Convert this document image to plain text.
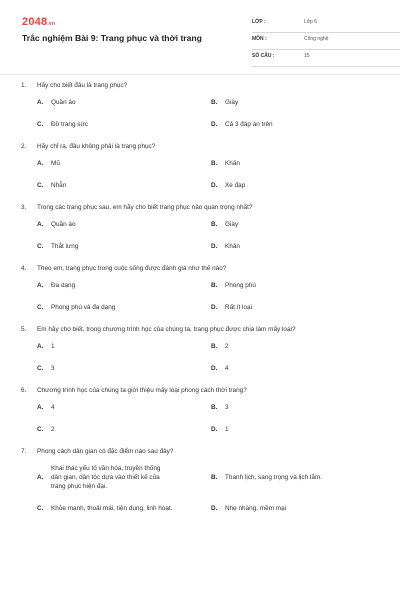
2048.vn
Trắc nghiệm Bài 9: Trang phục và thời trang
LỚP :	Lớp 6
MÔN :	Công nghệ
SỐ CÂU :	15
1. Hãy cho biết đâu là trang phục?
A. Quần áo	B. Giày
C. Đồ trang sức	D. Cả 3 đáp án trên
2. Hãy chỉ ra, đâu không phải là trang phục?
A. Mũ	B. Khăn
C. Nhẫn	D. Xe đạp
3. Trong các trang phục sau, em hãy cho biết trang phục nào quan trọng nhất?
A. Quần áo	B. Giày
C. Thắt lưng	D. Khăn
4. Theo em, trang phục trong cuộc sống được đánh giá như thế nào?
A. Đa dạng	B. Phong phú
C. Phong phú và đa dạng	D. Rất ít loại
5. Em hãy cho biết, trong chương trình học của chúng ta, trang phục được chia làm mấy loại?
A. 1	B. 2
C. 3	D. 4
6. Chương trình học của chúng ta giới thiệu mấy loại phong cách thời trang?
A. 4	B. 3
C. 2	D. 1
7. Phong cách dân gian có đặc điểm nào sau đây?
A.Khai thác yếu tố văn hóa, truyền thống dân gian, dân tộc dựa vào thiết kế của trang phục hiện đại.
B. Thanh lịch, sang trọng và lịch lãm.
C. Khỏe mạnh, thoải mái, tiện dụng, linh hoạt.	D. Nhẹ nhàng, mềm mại
